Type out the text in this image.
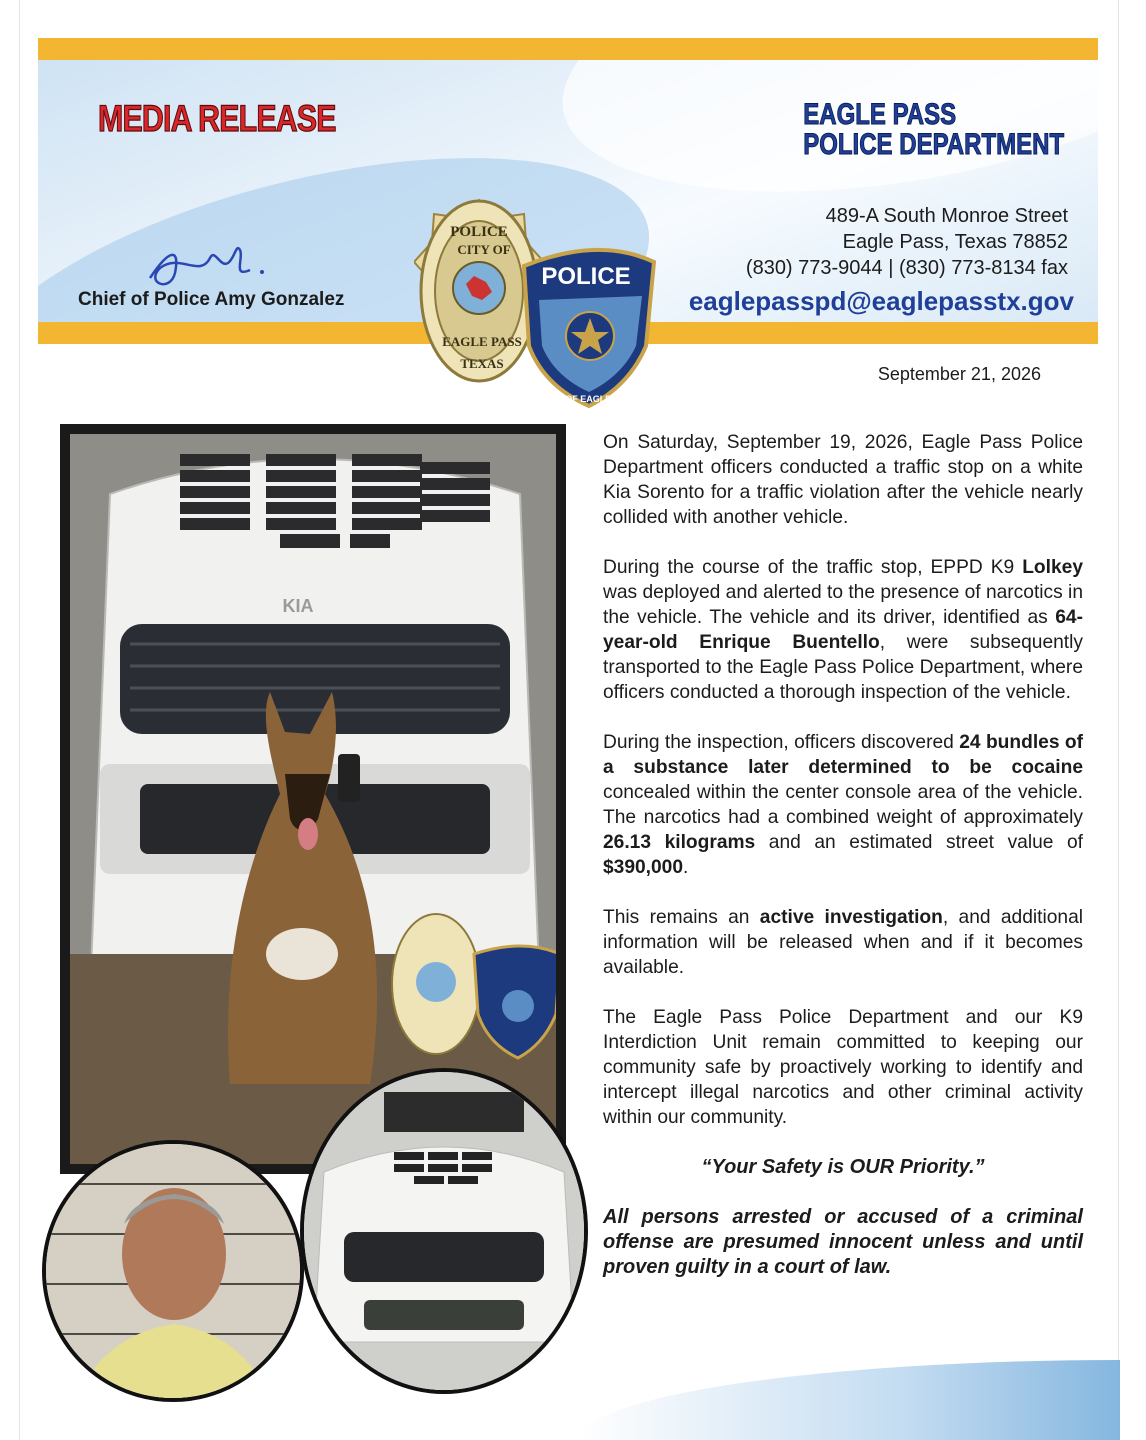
MEDIA RELEASE	EAGLE PASS
POLICE DEPARTMENT
489-A South Monroe Street
Eagle Pass, Texas 78852
(830) 773-9044 | (830) 773-8134 fax
eaglepasspd@eaglepasstx.gov
Chief of Police Amy Gonzalez
POLICE
CITY OF
EAGLE PASS
TEXAS
POLICE
CITY OF EAGLE PASS
September 21, 2026
KIA

On Saturday, September 19, 2026, Eagle Pass Police Department officers conducted a traffic stop on a white Kia Sorento for a traffic violation after the vehicle nearly collided with another vehicle.

During the course of the traffic stop, EPPD K9 Lolkey was deployed and alerted to the presence of narcotics in the vehicle. The vehicle and its driver, identified as 64-year-old Enrique Buentello, were subsequently transported to the Eagle Pass Police Department, where officers conducted a thorough inspection of the vehicle.

During the inspection, officers discovered 24 bundles of a substance later determined to be cocaine concealed within the center console area of the vehicle. The narcotics had a combined weight of approximately 26.13 kilograms and an estimated street value of $390,000.

This remains an active investigation, and additional information will be released when and if it becomes available.

The Eagle Pass Police Department and our K9 Interdiction Unit remain committed to keeping our community safe by proactively working to identify and intercept illegal narcotics and other criminal activity within our community.

“Your Safety is OUR Priority.”
All persons arrested or accused of a criminal offense are presumed innocent unless and until proven guilty in a court of law.
